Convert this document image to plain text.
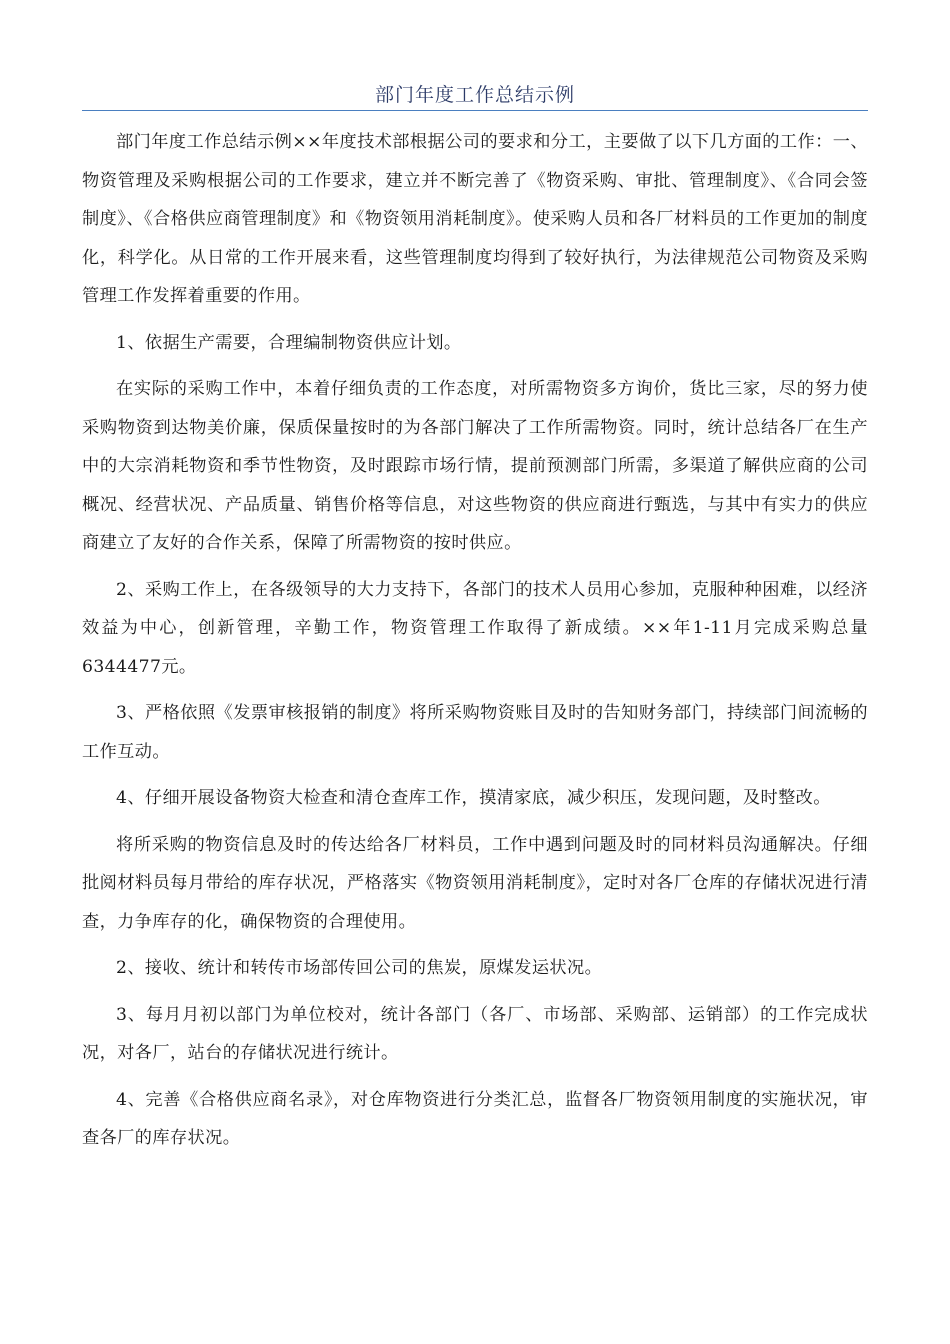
部门年度工作总结示例

部门年度工作总结示例××年度技术部根据公司的要求和分工，主要做了以下几方面的工作：一、物资管理及采购根据公司的工作要求，建立并不断完善了《物资采购、审批、管理制度》、《合同会签制度》、《合格供应商管理制度》和《物资领用消耗制度》。使采购人员和各厂材料员的工作更加的制度化，科学化。从日常的工作开展来看，这些管理制度均得到了较好执行，为法律规范公司物资及采购管理工作发挥着重要的作用。

1、依据生产需要，合理编制物资供应计划。

在实际的采购工作中，本着仔细负责的工作态度，对所需物资多方询价，货比三家，尽的努力使采购物资到达物美价廉，保质保量按时的为各部门解决了工作所需物资。同时，统计总结各厂在生产中的大宗消耗物资和季节性物资，及时跟踪市场行情，提前预测部门所需，多渠道了解供应商的公司概况、经营状况、产品质量、销售价格等信息，对这些物资的供应商进行甄选，与其中有实力的供应商建立了友好的合作关系，保障了所需物资的按时供应。

2、采购工作上，在各级领导的大力支持下，各部门的技术人员用心参加，克服种种困难，以经济效益为中心，创新管理，辛勤工作，物资管理工作取得了新成绩。××年1-11月完成采购总量6344477元。

3、严格依照《发票审核报销的制度》将所采购物资账目及时的告知财务部门，持续部门间流畅的工作互动。

4、仔细开展设备物资大检查和清仓查库工作，摸清家底，减少积压，发现问题，及时整改。

将所采购的物资信息及时的传达给各厂材料员，工作中遇到问题及时的同材料员沟通解决。仔细批阅材料员每月带给的库存状况，严格落实《物资领用消耗制度》，定时对各厂仓库的存储状况进行清查，力争库存的化，确保物资的合理使用。

2、接收、统计和转传市场部传回公司的焦炭，原煤发运状况。

3、每月月初以部门为单位校对，统计各部门（各厂、市场部、采购部、运销部）的工作完成状况，对各厂，站台的存储状况进行统计。

4、完善《合格供应商名录》，对仓库物资进行分类汇总，监督各厂物资领用制度的实施状况，审查各厂的库存状况。
